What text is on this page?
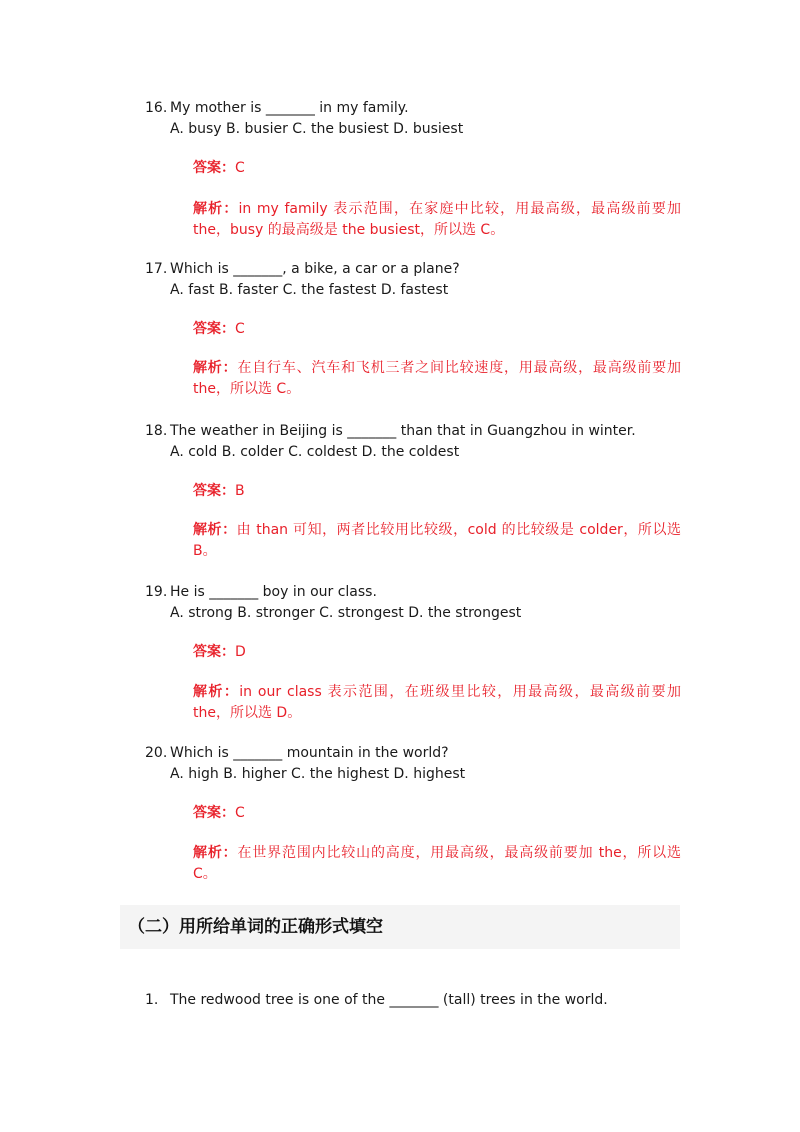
16. My mother is _______ in my family.
A. busy B. busier C. the busiest D. busiest
答案：C
解析：in my family 表示范围，在家庭中比较，用最高级，最高级前要加 the，busy 的最高级是 the busiest，所以选 C。
17. Which is _______, a bike, a car or a plane?
A. fast B. faster C. the fastest D. fastest
答案：C
解析：在自行车、汽车和飞机三者之间比较速度，用最高级，最高级前要加 the，所以选 C。
18. The weather in Beijing is _______ than that in Guangzhou in winter.
A. cold B. colder C. coldest D. the coldest
答案：B
解析：由 than 可知，两者比较用比较级，cold 的比较级是 colder，所以选 B。
19. He is _______ boy in our class.
A. strong B. stronger C. strongest D. the strongest
答案：D
解析：in our class 表示范围，在班级里比较，用最高级，最高级前要加 the，所以选 D。
20. Which is _______ mountain in the world?
A. high B. higher C. the highest D. highest
答案：C
解析：在世界范围内比较山的高度，用最高级，最高级前要加 the，所以选 C。
（二）用所给单词的正确形式填空
1. The redwood tree is one of the _______ (tall) trees in the world.
